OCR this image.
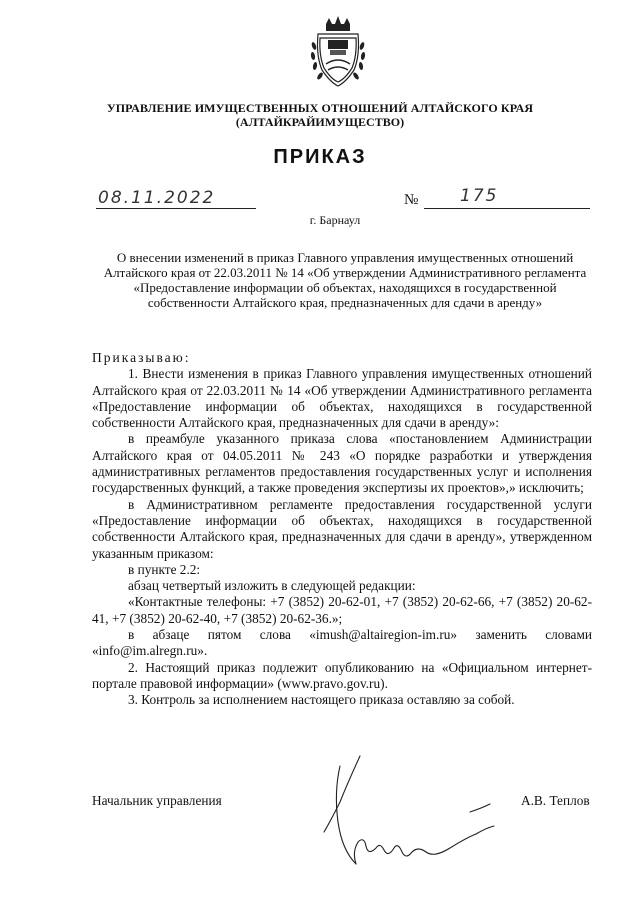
УПРАВЛЕНИЕ ИМУЩЕСТВЕННЫХ ОТНОШЕНИЙ АЛТАЙСКОГО КРАЯ
(АЛТАЙКРАЙИМУЩЕСТВО)
ПРИКАЗ
08.11.2022	№ 175
г. Барнаул
О внесении изменений в приказ Главного управления имущественных отношений Алтайского края от 22.03.2011 № 14 «Об утверждении Административного регламента «Предоставление информации об объектах, находящихся в государственной собственности Алтайского края, предназначенных для сдачи в аренду»

Приказываю:

1. Внести изменения в приказ Главного управления имущественных отношений Алтайского края от 22.03.2011 № 14 «Об утверждении Административного регламента «Предоставление информации об объектах, находящихся в государственной собственности Алтайского края, предназначенных для сдачи в аренду»:

в преамбуле указанного приказа слова «постановлением Администрации Алтайского края от 04.05.2011 № 243 «О порядке разработки и утверждения административных регламентов предоставления государственных услуг и исполнения государственных функций, а также проведения экспертизы их проектов»,» исключить;

в Административном регламенте предоставления государственной услуги «Предоставление информации об объектах, находящихся в государственной собственности Алтайского края, предназначенных для сдачи в аренду», утвержденном указанным приказом:

в пункте 2.2:

абзац четвертый изложить в следующей редакции:

«Контактные телефоны: +7 (3852) 20-62-01, +7 (3852) 20-62-66, +7 (3852) 20-62-41, +7 (3852) 20-62-40, +7 (3852) 20-62-36.»;

в абзаце пятом слова «imush@altairegion-im.ru» заменить словами «info@im.alregn.ru».

2. Настоящий приказ подлежит опубликованию на «Официальном интернет-портале правовой информации» (www.pravo.gov.ru).

3. Контроль за исполнением настоящего приказа оставляю за собой.

Начальник управления	А.В. Теплов
